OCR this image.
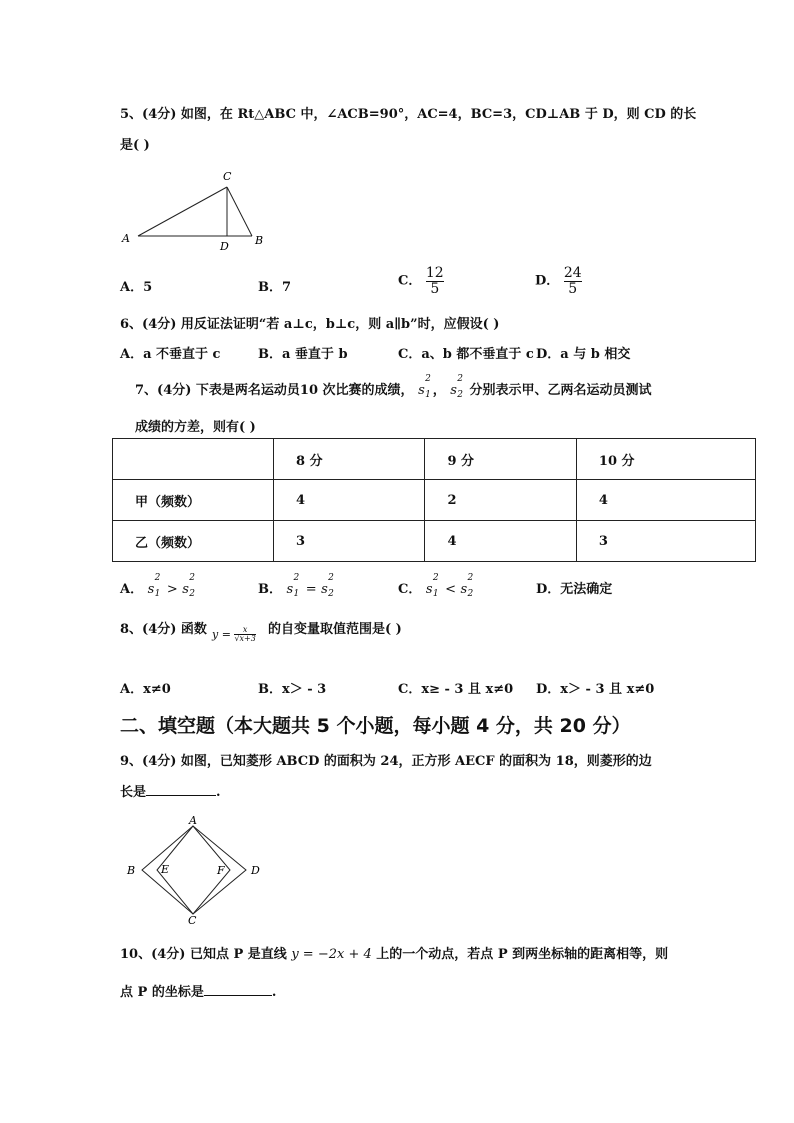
5、(4分) 如图，在 Rt△ABC 中，∠ACB=90°，AC=4，BC=3，CD⊥AB 于 D，则 CD 的长
是( )
A
C
D B
A．5	B．7	C． $\frac{12}{5}$	D． $\frac{24}{5}$
6、(4分) 用反证法证明“若 a⊥c，b⊥c，则 a∥b”时，应假设( )
A．a 不垂直于 c	B．a 垂直于 b	C．a、b 都不垂直于 c D．a 与 b 相交
7、(4分) 下表是两名运动员10 次比赛的成绩， s
2
1 ， s
2
2 分别表示甲、乙两名运动员测试
成绩的方差，则有( )
	8 分	9 分	10 分
甲（频数）	4	2	4
乙（频数）	3	4	3
A． s
2
1 > s
2
2	B． s
2
1 = s
2
2	C． s
2
1 < s
2
2	D．无法确定
8、(4分) 函数 $y = \frac{x}{√x+3}$ 的自变量取值范围是( )
A．x≠0	B．x＞ - 3	C．x≥ - 3 且 x≠0 D．x＞ - 3 且 x≠0
二、填空题（本大题共 5 个小题，每小题 4 分，共 20 分）
9、(4分) 如图，已知菱形 ABCD 的面积为 24，正方形 AECF 的面积为 18，则菱形的边
长是	.
A
B E	F D
C
10、(4分) 已知点 P 是直线 y = −2x + 4 上的一个动点，若点 P 到两坐标轴的距离相等，则
点 P 的坐标是	.
